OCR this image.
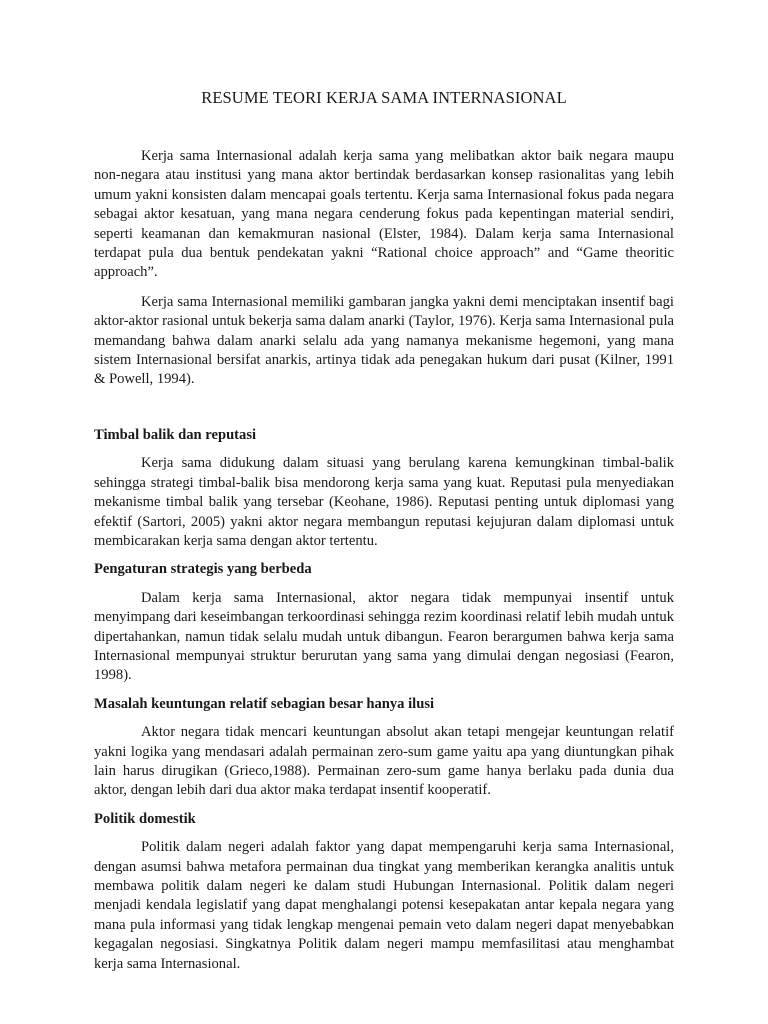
RESUME TEORI KERJA SAMA INTERNASIONAL

Kerja sama Internasional adalah kerja sama yang melibatkan aktor baik negara maupu non-negara atau institusi yang mana aktor bertindak berdasarkan konsep rasionalitas yang lebih umum yakni konsisten dalam mencapai goals tertentu. Kerja sama Internasional fokus pada negara sebagai aktor kesatuan, yang mana negara cenderung fokus pada kepentingan material sendiri, seperti keamanan dan kemakmuran nasional (Elster, 1984). Dalam kerja sama Internasional terdapat pula dua bentuk pendekatan yakni “Rational choice approach” and “Game theoritic approach”.

Kerja sama Internasional memiliki gambaran jangka yakni demi menciptakan insentif bagi aktor-aktor rasional untuk bekerja sama dalam anarki (Taylor, 1976). Kerja sama Internasional pula memandang bahwa dalam anarki selalu ada yang namanya mekanisme hegemoni, yang mana sistem Internasional bersifat anarkis, artinya tidak ada penegakan hukum dari pusat (Kilner, 1991 & Powell, 1994).

Timbal balik dan reputasi

Kerja sama didukung dalam situasi yang berulang karena kemungkinan timbal-balik sehingga strategi timbal-balik bisa mendorong kerja sama yang kuat. Reputasi pula menyediakan mekanisme timbal balik yang tersebar (Keohane, 1986). Reputasi penting untuk diplomasi yang efektif (Sartori, 2005) yakni aktor negara membangun reputasi kejujuran dalam diplomasi untuk membicarakan kerja sama dengan aktor tertentu.

Pengaturan strategis yang berbeda

Dalam kerja sama Internasional, aktor negara tidak mempunyai insentif untuk menyimpang dari keseimbangan terkoordinasi sehingga rezim koordinasi relatif lebih mudah untuk dipertahankan, namun tidak selalu mudah untuk dibangun. Fearon berargumen bahwa kerja sama Internasional mempunyai struktur berurutan yang sama yang dimulai dengan negosiasi (Fearon, 1998).

Masalah keuntungan relatif sebagian besar hanya ilusi

Aktor negara tidak mencari keuntungan absolut akan tetapi mengejar keuntungan relatif yakni logika yang mendasari adalah permainan zero-sum game yaitu apa yang diuntungkan pihak lain harus dirugikan (Grieco,1988). Permainan zero-sum game hanya berlaku pada dunia dua aktor, dengan lebih dari dua aktor maka terdapat insentif kooperatif.

Politik domestik

Politik dalam negeri adalah faktor yang dapat mempengaruhi kerja sama Internasional, dengan asumsi bahwa metafora permainan dua tingkat yang memberikan kerangka analitis untuk membawa politik dalam negeri ke dalam studi Hubungan Internasional. Politik dalam negeri menjadi kendala legislatif yang dapat menghalangi potensi kesepakatan antar kepala negara yang mana pula informasi yang tidak lengkap mengenai pemain veto dalam negeri dapat menyebabkan kegagalan negosiasi. Singkatnya Politik dalam negeri mampu memfasilitasi atau menghambat kerja sama Internasional.
